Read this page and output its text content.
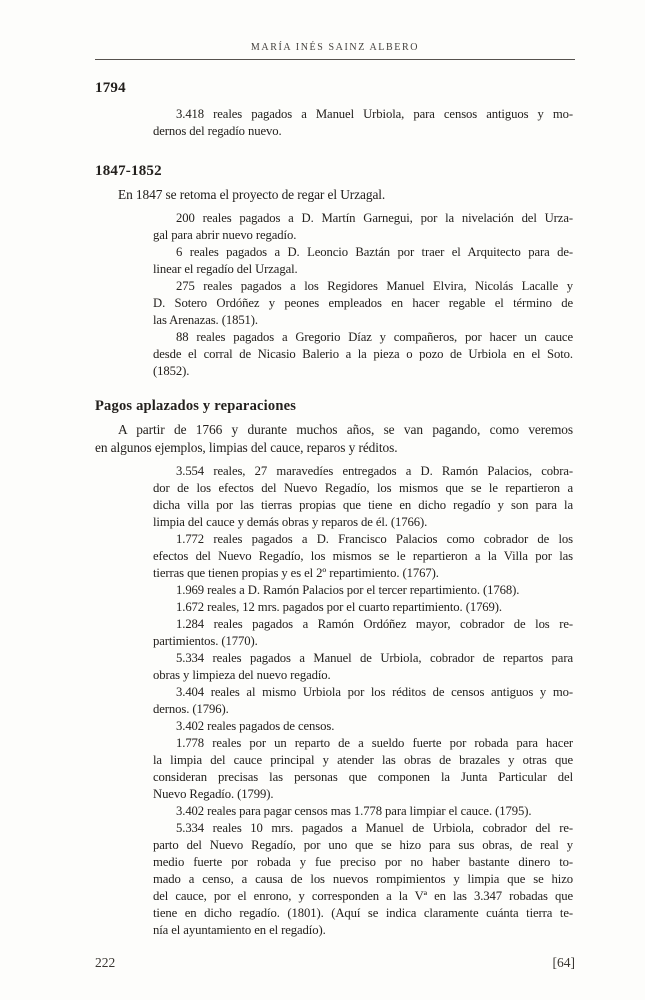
MARÍA INÉS SAINZ ALBERO
1794
3.418 reales pagados a Manuel Urbiola, para censos antiguos y mo-
dernos del regadío nuevo.
1847-1852
En 1847 se retoma el proyecto de regar el Urzagal.
200 reales pagados a D. Martín Garnegui, por la nivelación del Urza-
gal para abrir nuevo regadío.
6 reales pagados a D. Leoncio Baztán por traer el Arquitecto para de-
linear el regadío del Urzagal.
275 reales pagados a los Regidores Manuel Elvira, Nicolás Lacalle y
D. Sotero Ordóñez y peones empleados en hacer regable el término de
las Arenazas. (1851).
88 reales pagados a Gregorio Díaz y compañeros, por hacer un cauce
desde el corral de Nicasio Balerio a la pieza o pozo de Urbiola en el Soto.
(1852).
Pagos aplazados y reparaciones
A partir de 1766 y durante muchos años, se van pagando, como veremos
en algunos ejemplos, limpias del cauce, reparos y réditos.
3.554 reales, 27 maravedíes entregados a D. Ramón Palacios, cobra-
dor de los efectos del Nuevo Regadío, los mismos que se le repartieron a
dicha villa por las tierras propias que tiene en dicho regadío y son para la
limpia del cauce y demás obras y reparos de él. (1766).
1.772 reales pagados a D. Francisco Palacios como cobrador de los
efectos del Nuevo Regadío, los mismos se le repartieron a la Villa por las
tierras que tienen propias y es el 2º repartimiento. (1767).
1.969 reales a D. Ramón Palacios por el tercer repartimiento. (1768).
1.672 reales, 12 mrs. pagados por el cuarto repartimiento. (1769).
1.284 reales pagados a Ramón Ordóñez mayor, cobrador de los re-
partimientos. (1770).
5.334 reales pagados a Manuel de Urbiola, cobrador de repartos para
obras y limpieza del nuevo regadío.
3.404 reales al mismo Urbiola por los réditos de censos antiguos y mo-
dernos. (1796).
3.402 reales pagados de censos.
1.778 reales por un reparto de a sueldo fuerte por robada para hacer
la limpia del cauce principal y atender las obras de brazales y otras que
consideran precisas las personas que componen la Junta Particular del
Nuevo Regadío. (1799).
3.402 reales para pagar censos mas 1.778 para limpiar el cauce. (1795).
5.334 reales 10 mrs. pagados a Manuel de Urbiola, cobrador del re-
parto del Nuevo Regadío, por uno que se hizo para sus obras, de real y
medio fuerte por robada y fue preciso por no haber bastante dinero to-
mado a censo, a causa de los nuevos rompimientos y limpia que se hizo
del cauce, por el enrono, y corresponden a la Vª en las 3.347 robadas que
tiene en dicho regadío. (1801). (Aquí se indica claramente cuánta tierra te-
nía el ayuntamiento en el regadío).
222	[64]
